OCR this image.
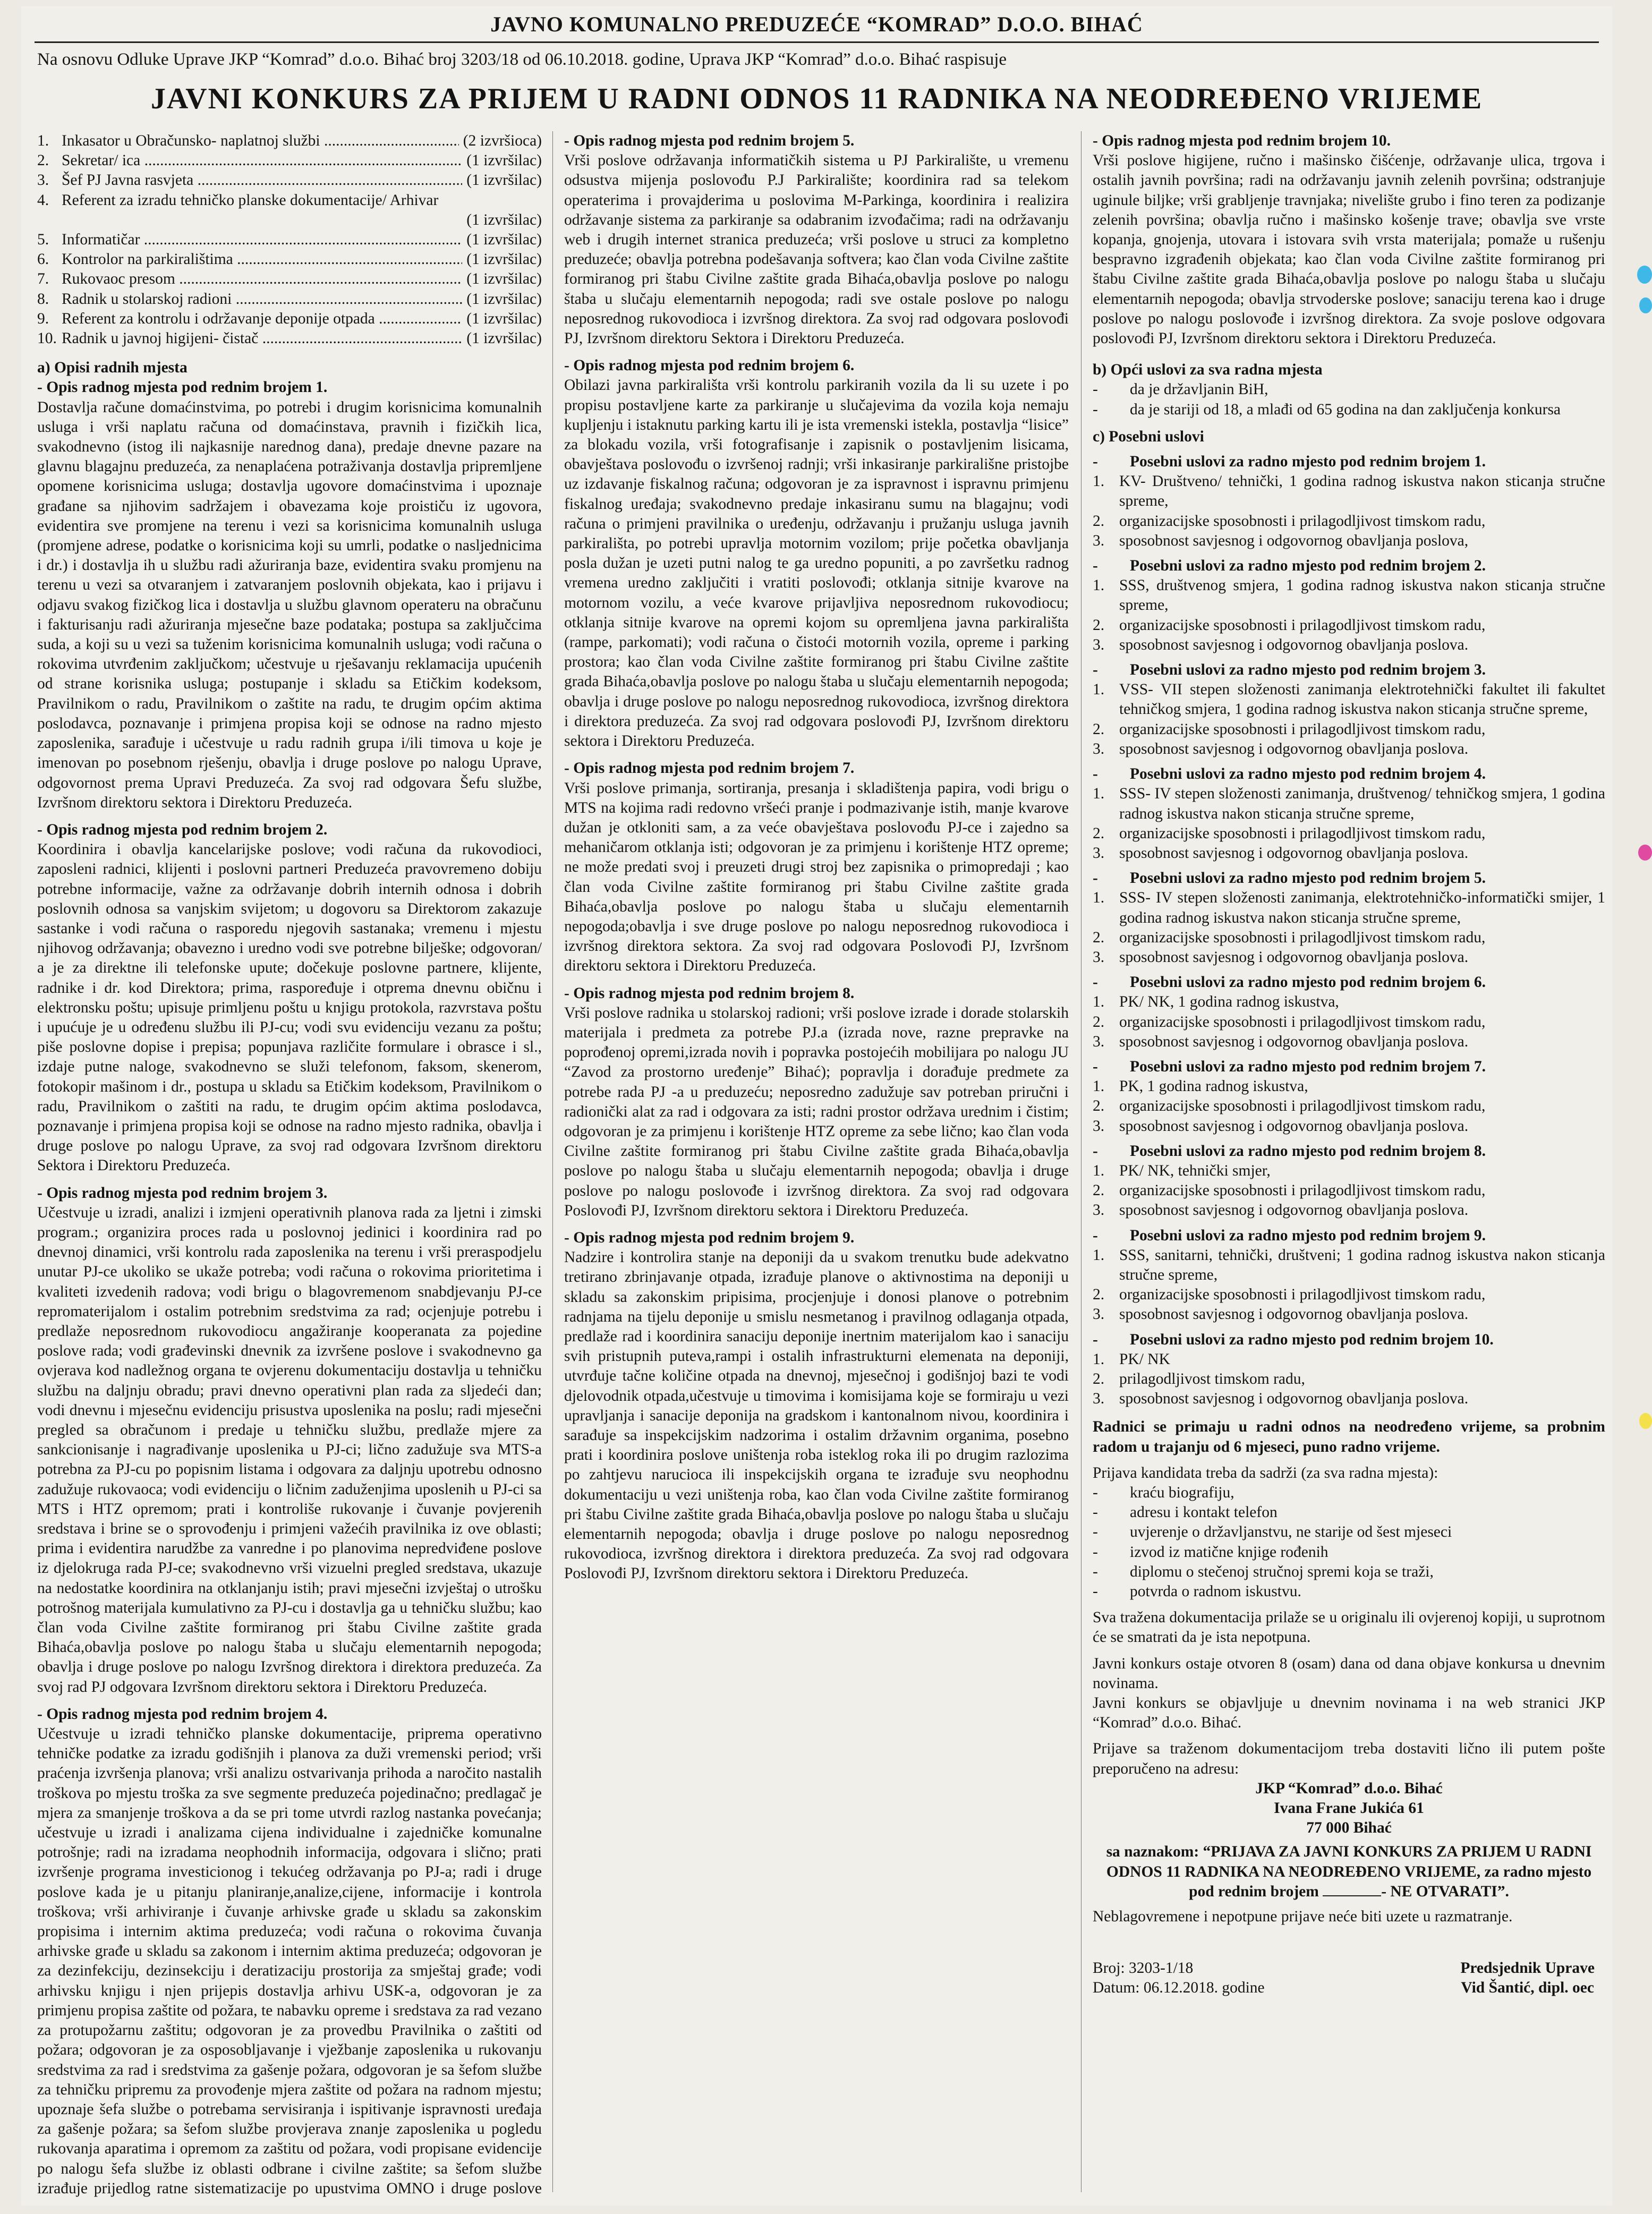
JAVNO KOMUNALNO PREDUZEĆE “KOMRAD” D.O.O. BIHAĆ
Na osnovu Odluke Uprave JKP “Komrad” d.o.o. Bihać broj 3203/18 od 06.10.2018. godine, Uprava JKP “Komrad” d.o.o. Bihać raspisuje
JAVNI KONKURS ZA PRIJEM U RADNI ODNOS 11 RADNIKA NA NEODREĐENO VRIJEME
1. Inkasator u Obračunsko- naplatnoj službi .....	(2 izvršioca)
2. Sekretar/ ica .....	(1 izvršilac)
3. Šef PJ Javna rasvjeta .....	(1 izvršilac)
4. Referent za izradu tehničko planske dokumentacije/ Arhivar
(1 izvršilac)
5. Informatičar .....	(1 izvršilac)
6. Kontrolor na parkiralištima .....	(1 izvršilac)
7. Rukovaoc presom .....	(1 izvršilac)
8. Radnik u stolarskoj radioni .....	(1 izvršilac)
9. Referent za kontrolu i održavanje deponije otpada .....	(1 izvršilac)
10. Radnik u javnoj higijeni- čistač .....	(1 izvršilac)
a) Opisi radnih mjesta
- Opis radnog mjesta pod rednim brojem 1.

Dostavlja račune domaćinstvima, po potrebi i drugim korisnicima komunalnih usluga i vrši naplatu računa od domaćinstava, pravnih i fizičkih lica, svakodnevno (istog ili najkasnije narednog dana), predaje dnevne pazare na glavnu blagajnu preduzeća, za nenaplaćena potraživanja dostavlja pripremljene opomene korisnicima usluga; dostavlja ugovore domaćinstvima i upoznaje građane sa njihovim sadržajem i obavezama koje proističu iz ugovora, evidentira sve promjene na terenu i vezi sa korisnicima komunalnih usluga (promjene adrese, podatke o korisnicima koji su umrli, podatke o nasljednicima i dr.) i dostavlja ih u službu radi ažuriranja baze, evidentira svaku promjenu na terenu u vezi sa otvaranjem i zatvaranjem poslovnih objekata, kao i prijavu i odjavu svakog fizičkog lica i dostavlja u službu glavnom operateru na obračunu i fakturisanju radi ažuriranja mjesečne baze podataka; postupa sa zaključcima suda, a koji su u vezi sa tuženim korisnicima komunalnih usluga; vodi računa o rokovima utvrđenim zaključkom; učestvuje u rješavanju reklamacija upućenih od strane korisnika usluga; postupanje i skladu sa Etičkim kodeksom, Pravilnikom o radu, Pravilnikom o zaštite na radu, te drugim općim aktima poslodavca, poznavanje i primjena propisa koji se odnose na radno mjesto zaposlenika, sarađuje i učestvuje u radu radnih grupa i/ili timova u koje je imenovan po posebnom rješenju, obavlja i druge poslove po nalogu Uprave, odgovornost prema Upravi Preduzeća. Za svoj rad odgovara Šefu službe, Izvršnom direktoru sektora i Direktoru Preduzeća.

- Opis radnog mjesta pod rednim brojem 2.

Koordinira i obavlja kancelarijske poslove; vodi računa da rukovodioci, zaposleni radnici, klijenti i poslovni partneri Preduzeća pravovremeno dobiju potrebne informacije, važne za održavanje dobrih internih odnosa i dobrih poslovnih odnosa sa vanjskim svijetom; u dogovoru sa Direktorom zakazuje sastanke i vodi računa o rasporedu njegovih sastanaka; vremenu i mjestu njihovog održavanja; obavezno i uredno vodi sve potrebne bilješke; odgovoran/ a je za direktne ili telefonske upute; dočekuje poslovne partnere, klijente, radnike i dr. kod Direktora; prima, raspoređuje i otprema dnevnu običnu i elektronsku poštu; upisuje primljenu poštu u knjigu protokola, razvrstava poštu i upućuje je u određenu službu ili PJ-cu; vodi svu evidenciju vezanu za poštu; piše poslovne dopise i prepisa; popunjava različite formulare i obrasce i sl., izdaje putne naloge, svakodnevno se služi telefonom, faksom, skenerom, fotokopir mašinom i dr., postupa u skladu sa Etičkim kodeksom, Pravilnikom o radu, Pravilnikom o zaštiti na radu, te drugim općim aktima poslodavca, poznavanje i primjena propisa koji se odnose na radno mjesto radnika, obavlja i druge poslove po nalogu Uprave, za svoj rad odgovara Izvršnom direktoru Sektora i Direktoru Preduzeća.

- Opis radnog mjesta pod rednim brojem 3.

Učestvuje u izradi, analizi i izmjeni operativnih planova rada za ljetni i zimski program.; organizira proces rada u poslovnoj jedinici i koordinira rad po dnevnoj dinamici, vrši kontrolu rada zaposlenika na terenu i vrši preraspodjelu unutar PJ-ce ukoliko se ukaže potreba; vodi računa o rokovima prioritetima i kvaliteti izvedenih radova; vodi brigu o blagovremenom snabdjevanju PJ-ce repromaterijalom i ostalim potrebnim sredstvima za rad; ocjenjuje potrebu i predlaže neposrednom rukovodiocu angažiranje kooperanata za pojedine poslove rada; vodi građevinski dnevnik za izvršene poslove i svakodnevno ga ovjerava kod nadležnog organa te ovjerenu dokumentaciju dostavlja u tehničku službu na daljnju obradu; pravi dnevno operativni plan rada za sljedeći dan; vodi dnevnu i mjesečnu evidenciju prisustva uposlenika na poslu; radi mjesečni pregled sa obračunom i predaje u tehničku službu, predlaže mjere za sankcionisanje i nagrađivanje uposlenika u PJ-ci; lično zadužuje sva MTS-a potrebna za PJ-cu po popisnim listama i odgovara za daljnju upotrebu odnosno zadužuje rukovaoca; vodi evidenciju o ličnim zaduženjima uposlenih u PJ-ci sa MTS i HTZ opremom; prati i kontroliše rukovanje i čuvanje povjerenih sredstava i brine se o sprovođenju i primjeni važećih pravilnika iz ove oblasti; prima i evidentira narudžbe za vanredne i po planovima nepredviđene poslove iz djelokruga rada PJ-ce; svakodnevno vrši vizuelni pregled sredstava, ukazuje na nedostatke koordinira na otklanjanju istih; pravi mjesečni izvještaj o utrošku potrošnog materijala kumulativno za PJ-cu i dostavlja ga u tehničku službu; kao član voda Civilne zaštite formiranog pri štabu Civilne zaštite grada Bihaća,obavlja poslove po nalogu štaba u slučaju elementarnih nepogoda; obavlja i druge poslove po nalogu Izvršnog direktora i direktora preduzeća. Za svoj rad PJ odgovara Izvršnom direktoru sektora i Direktoru Preduzeća.

- Opis radnog mjesta pod rednim brojem 4.

Učestvuje u izradi tehničko planske dokumentacije, priprema operativno tehničke podatke za izradu godišnjih i planova za duži vremenski period; vrši praćenja izvršenja planova; vrši analizu ostvarivanja prihoda a naročito nastalih troškova po mjestu troška za sve segmente preduzeća pojedinačno; predlagač je mjera za smanjenje troškova a da se pri tome utvrdi razlog nastanka povećanja; učestvuje u izradi i analizama cijena individualne i zajedničke komunalne potrošnje; radi na izradama neophodnih informacija, odgovara i slično; prati izvršenje programa investicionog i tekućeg održavanja po PJ-a; radi i druge poslove kada je u pitanju planiranje,analize,cijene, informacije i kontrola troškova; vrši arhiviranje i čuvanje arhivske građe u skladu sa zakonskim propisima i internim aktima preduzeća; vodi računa o rokovima čuvanja arhivske građe u skladu sa zakonom i internim aktima preduzeća; odgovoran je za dezinfekciju, dezinsekciju i deratizaciju prostorija za smještaj građe; vodi arhivsku knjigu i njen prijepis dostavlja arhivu USK-a, odgovoran je za primjenu propisa zaštite od požara, te nabavku opreme i sredstava za rad vezano za protupožarnu zaštitu; odgovoran je za provedbu Pravilnika o zaštiti od požara; odgovoran je za osposobljavanje i vježbanje zaposlenika u rukovanju sredstvima za rad i sredstvima za gašenje požara, odgovoran je sa šefom službe za tehničku pripremu za provođenje mjera zaštite od požara na radnom mjestu; upoznaje šefa službe o potrebama servisiranja i ispitivanje ispravnosti uređaja za gašenje požara; sa šefom službe provjerava znanje zaposlenika u pogledu rukovanja aparatima i opremom za zaštitu od požara, vodi propisane evidencije po nalogu šefa službe iz oblasti odbrane i civilne zaštite; sa šefom službe izrađuje prijedlog ratne sistematizacije po upustvima OMNO i druge poslove

- Opis radnog mjesta pod rednim brojem 5.

Vrši poslove održavanja informatičkih sistema u PJ Parkiralište, u vremenu odsustva mijenja poslovođu P.J Parkiralište; koordinira rad sa telekom operaterima i provajderima u poslovima M-Parkinga, koordinira i realizira održavanje sistema za parkiranje sa odabranim izvođačima; radi na održavanju web i drugih internet stranica preduzeća; vrši poslove u struci za kompletno preduzeće; obavlja potrebna podešavanja softvera; kao član voda Civilne zaštite formiranog pri štabu Civilne zaštite grada Bihaća,obavlja poslove po nalogu štaba u slučaju elementarnih nepogoda; radi sve ostale poslove po nalogu neposrednog rukovodioca i izvršnog direktora. Za svoj rad odgovara poslovođi PJ, Izvršnom direktoru Sektora i Direktoru Preduzeća.

- Opis radnog mjesta pod rednim brojem 6.

Obilazi javna parkirališta vrši kontrolu parkiranih vozila da li su uzete i po propisu postavljene karte za parkiranje u slučajevima da vozila koja nemaju kupljenju i istaknutu parking kartu ili je ista vremenski istekla, postavlja “lisice” za blokadu vozila, vrši fotografisanje i zapisnik o postavljenim lisicama, obavještava poslovođu o izvršenoj radnji; vrši inkasiranje parkirališne pristojbe uz izdavanje fiskalnog računa; odgovoran je za ispravnost i ispravnu primjenu fiskalnog uređaja; svakodnevno predaje inkasiranu sumu na blagajnu; vodi računa o primjeni pravilnika o uređenju, održavanju i pružanju usluga javnih parkirališta, po potrebi upravlja motornim vozilom; prije početka obavljanja posla dužan je uzeti putni nalog te ga uredno popuniti, a po završetku radnog vremena uredno zaključiti i vratiti poslovođi; otklanja sitnije kvarove na motornom vozilu, a veće kvarove prijavljiva neposrednom rukovodiocu; otklanja sitnije kvarove na opremi kojom su opremljena javna parkirališta (rampe, parkomati); vodi računa o čistoći motornih vozila, opreme i parking prostora; kao član voda Civilne zaštite formiranog pri štabu Civilne zaštite grada Bihaća,obavlja poslove po nalogu štaba u slučaju elementarnih nepogoda; obavlja i druge poslove po nalogu neposrednog rukovodioca, izvršnog direktora i direktora preduzeća. Za svoj rad odgovara poslovođi PJ, Izvršnom direktoru sektora i Direktoru Preduzeća.

- Opis radnog mjesta pod rednim brojem 7.

Vrši poslove primanja, sortiranja, presanja i skladištenja papira, vodi brigu o MTS na kojima radi redovno vršeći pranje i podmazivanje istih, manje kvarove dužan je otkloniti sam, a za veće obavještava poslovođu PJ-ce i zajedno sa mehaničarom otklanja isti; odgovoran je za primjenu i korištenje HTZ opreme; ne može predati svoj i preuzeti drugi stroj bez zapisnika o primopredaji ; kao član voda Civilne zaštite formiranog pri štabu Civilne zaštite grada Bihaća,obavlja poslove po nalogu štaba u slučaju elementarnih nepogoda;obavlja i sve druge poslove po nalogu neposrednog rukovodioca i izvršnog direktora sektora. Za svoj rad odgovara Poslovođi PJ, Izvršnom direktoru sektora i Direktoru Preduzeća.

- Opis radnog mjesta pod rednim brojem 8.

Vrši poslove radnika u stolarskoj radioni; vrši poslove izrade i dorade stolarskih materijala i predmeta za potrebe PJ.a (izrada nove, razne prepravke na poprođenoj opremi,izrada novih i popravka postojećih mobilijara po nalogu JU “Zavod za prostorno uređenje” Bihać); popravlja i dorađuje predmete za potrebe rada PJ -a u preduzeću; neposredno zadužuje sav potreban priručni i radionički alat za rad i odgovara za isti; radni prostor održava urednim i čistim; odgovoran je za primjenu i korištenje HTZ opreme za sebe lično; kao član voda Civilne zaštite formiranog pri štabu Civilne zaštite grada Bihaća,obavlja poslove po nalogu štaba u slučaju elementarnih nepogoda; obavlja i druge poslove po nalogu poslovođe i izvršnog direktora. Za svoj rad odgovara Poslovođi PJ, Izvršnom direktoru sektora i Direktoru Preduzeća.

- Opis radnog mjesta pod rednim brojem 9.

Nadzire i kontrolira stanje na deponiji da u svakom trenutku bude adekvatno tretirano zbrinjavanje otpada, izrađuje planove o aktivnostima na deponiji u skladu sa zakonskim pripisima, procjenjuje i donosi planove o potrebnim radnjama na tijelu deponije u smislu nesmetanog i pravilnog odlaganja otpada, predlaže rad i koordinira sanaciju deponije inertnim materijalom kao i sanaciju svih pristupnih puteva,rampi i ostalih infrastrukturni elemenata na deponiji, utvrđuje tačne količine otpada na dnevnoj, mjesečnoj i godišnjoj bazi te vodi djelovodnik otpada,učestvuje u timovima i komisijama koje se formiraju u vezi upravljanja i sanacije deponija na gradskom i kantonalnom nivou, koordinira i sarađuje sa inspekcijskim nadzorima i ostalim državnim organima, posebno prati i koordinira poslove uništenja roba isteklog roka ili po drugim razlozima po zahtjevu narucioca ili inspekcijskih organa te izrađuje svu neophodnu dokumentaciju u vezi uništenja roba, kao član voda Civilne zaštite formiranog pri štabu Civilne zaštite grada Bihaća,obavlja poslove po nalogu štaba u slučaju elementarnih nepogoda; obavlja i druge poslove po nalogu neposrednog rukovodioca, izvršnog direktora i direktora preduzeća. Za svoj rad odgovara Poslovođi PJ, Izvršnom direktoru sektora i Direktoru Preduzeća.

- Opis radnog mjesta pod rednim brojem 10.

Vrši poslove higijene, ručno i mašinsko čišćenje, održavanje ulica, trgova i ostalih javnih površina; radi na održavanju javnih zelenih površina; odstranjuje uginule biljke; vrši grabljenje travnjaka; nivelište grubo i fino teren za podizanje zelenih površina; obavlja ručno i mašinsko košenje trave; obavlja sve vrste kopanja, gnojenja, utovara i istovara svih vrsta materijala; pomaže u rušenju bespravno izgrađenih objekata; kao član voda Civilne zaštite formiranog pri štabu Civilne zaštite grada Bihaća,obavlja poslove po nalogu štaba u slučaju elementarnih nepogoda; obavlja strvoderske poslove; sanaciju terena kao i druge poslove po nalogu poslovođe i izvršnog direktora. Za svoje poslove odgovara poslovođi PJ, Izvršnom direktoru sektora i Direktoru Preduzeća.

b) Opći uslovi za sva radna mjesta
-	da je državljanin BiH,
-	da je stariji od 18, a mlađi od 65 godina na dan zaključenja konkursa
c) Posebni uslovi
-	Posebni uslovi za radno mjesto pod rednim brojem 1.
1. KV- Društveno/ tehnički, 1 godina radnog iskustva nakon sticanja stručne spreme,
2. organizacijske sposobnosti i prilagodljivost timskom radu,
3. sposobnost savjesnog i odgovornog obavljanja poslova,
-	Posebni uslovi za radno mjesto pod rednim brojem 2.
1. SSS, društvenog smjera, 1 godina radnog iskustva nakon sticanja stručne spreme,
2. organizacijske sposobnosti i prilagodljivost timskom radu,
3. sposobnost savjesnog i odgovornog obavljanja poslova.
-	Posebni uslovi za radno mjesto pod rednim brojem 3.
1. VSS- VII stepen složenosti zanimanja elektrotehnički fakultet ili fakultet tehničkog smjera, 1 godina radnog iskustva nakon sticanja stručne spreme,
2. organizacijske sposobnosti i prilagodljivost timskom radu,
3. sposobnost savjesnog i odgovornog obavljanja poslova.
-	Posebni uslovi za radno mjesto pod rednim brojem 4.
1. SSS- IV stepen složenosti zanimanja, društvenog/ tehničkog smjera, 1 godina radnog iskustva nakon sticanja stručne spreme,
2. organizacijske sposobnosti i prilagodljivost timskom radu,
3. sposobnost savjesnog i odgovornog obavljanja poslova.
-	Posebni uslovi za radno mjesto pod rednim brojem 5.
1. SSS- IV stepen složenosti zanimanja, elektrotehničko-informatički smijer, 1 godina radnog iskustva nakon sticanja stručne spreme,
2. organizacijske sposobnosti i prilagodljivost timskom radu,
3. sposobnost savjesnog i odgovornog obavljanja poslova.
-	Posebni uslovi za radno mjesto pod rednim brojem 6.
1. PK/ NK, 1 godina radnog iskustva,
2. organizacijske sposobnosti i prilagodljivost timskom radu,
3. sposobnost savjesnog i odgovornog obavljanja poslova.
-	Posebni uslovi za radno mjesto pod rednim brojem 7.
1. PK, 1 godina radnog iskustva,
2. organizacijske sposobnosti i prilagodljivost timskom radu,
3. sposobnost savjesnog i odgovornog obavljanja poslova.
-	Posebni uslovi za radno mjesto pod rednim brojem 8.
1. PK/ NK, tehnički smjer,
2. organizacijske sposobnosti i prilagodljivost timskom radu,
3. sposobnost savjesnog i odgovornog obavljanja poslova.
-	Posebni uslovi za radno mjesto pod rednim brojem 9.
1. SSS, sanitarni, tehnički, društveni; 1 godina radnog iskustva nakon sticanja stručne spreme,
2. organizacijske sposobnosti i prilagodljivost timskom radu,
3. sposobnost savjesnog i odgovornog obavljanja poslova.
-	Posebni uslovi za radno mjesto pod rednim brojem 10.
1. PK/ NK
2. prilagodljivost timskom radu,
3. sposobnost savjesnog i odgovornog obavljanja poslova.
Radnici se primaju u radni odnos na neodređeno vrijeme, sa probnim radom u trajanju od 6 mjeseci, puno radno vrijeme.
Prijava kandidata treba da sadrži (za sva radna mjesta):
-	kraću biografiju,
-	adresu i kontakt telefon
-	uvjerenje o državljanstvu, ne starije od šest mjeseci
-	izvod iz matične knjige rođenih
-	diplomu o stečenoj stručnoj spremi koja se traži,
-	potvrda o radnom iskustvu.

Sva tražena dokumentacija prilaže se u originalu ili ovjerenoj kopiji, u suprotnom će se smatrati da je ista nepotpuna.

Javni konkurs ostaje otvoren 8 (osam) dana od dana objave konkursa u dnevnim novinama.

Javni konkurs se objavljuje u dnevnim novinama i na web stranici JKP “Komrad” d.o.o. Bihać.

Prijave sa traženom dokumentacijom treba dostaviti lično ili putem pošte preporučeno na adresu:

JKP “Komrad” d.o.o. Bihać
Ivana Frane Jukića 61
77 000 Bihać
sa naznakom: “PRIJAVA ZA JAVNI KONKURS ZA PRIJEM U RADNI ODNOS 11 RADNIKA NA NEODREĐENO VRIJEME, za radno mjesto pod rednim brojem	- NE OTVARATI”.

Neblagovremene i nepotpune prijave neće biti uzete u razmatranje.

Broj: 3203-1/18
Datum: 06.12.2018. godine
Predsjednik Uprave
Vid Šantić, dipl. oec
